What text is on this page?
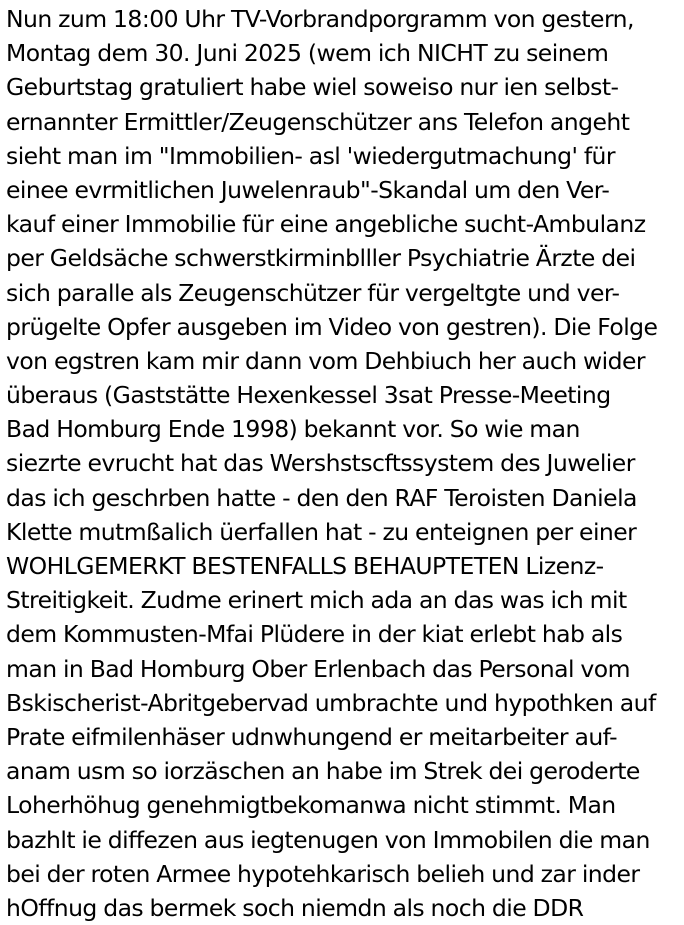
Nun zum 18:00 Uhr TV-Vorbrandporgramm von gestern,
Montag dem 30. Juni 2025 (wem ich NICHT zu seinem
Geburtstag gratuliert habe wiel soweiso nur ien selbst-
ernannter Ermittler/Zeugenschützer ans Telefon angeht
sieht man im "Immobilien- asl 'wiedergutmachung' für
einee evrmitlichen Juwelenraub"-Skandal um den Ver-
kauf einer Immobilie für eine angebliche sucht-Ambulanz
per Geldsäche schwerstkirminblller Psychiatrie Ärzte dei
sich paralle als Zeugenschützer für vergeltgte und ver-
prügelte Opfer ausgeben im Video von gestren). Die Folge
von egstren kam mir dann vom Dehbiuch her auch wider
überaus (Gaststätte Hexenkessel 3sat Presse-Meeting
Bad Homburg Ende 1998) bekannt vor. So wie man
siezrte evrucht hat das Wershstscftssystem des Juwelier
das ich geschrben hatte - den den RAF Teroisten Daniela
Klette mutmßalich üerfallen hat - zu enteignen per einer
WOHLGEMERKT BESTENFALLS BEHAUPTETEN Lizenz-
Streitigkeit. Zudme erinert mich ada an das was ich mit
dem Kommusten-Mfai Plüdere in der kiat erlebt hab als
man in Bad Homburg Ober Erlenbach das Personal vom
Bskischerist-Abritgebervad umbrachte und hypothken auf
Prate eifmilenhäser udnwhungend er meitarbeiter auf-
anam usm so iorzäschen an habe im Strek dei geroderte
Loherhöhug genehmigtbekomanwa nicht stimmt. Man
bazhlt ie diffezen aus iegtenugen von Immobilen die man
bei der roten Armee hypotehkarisch belieh und zar inder
hOffnug das bermek soch niemdn als noch die DDR
